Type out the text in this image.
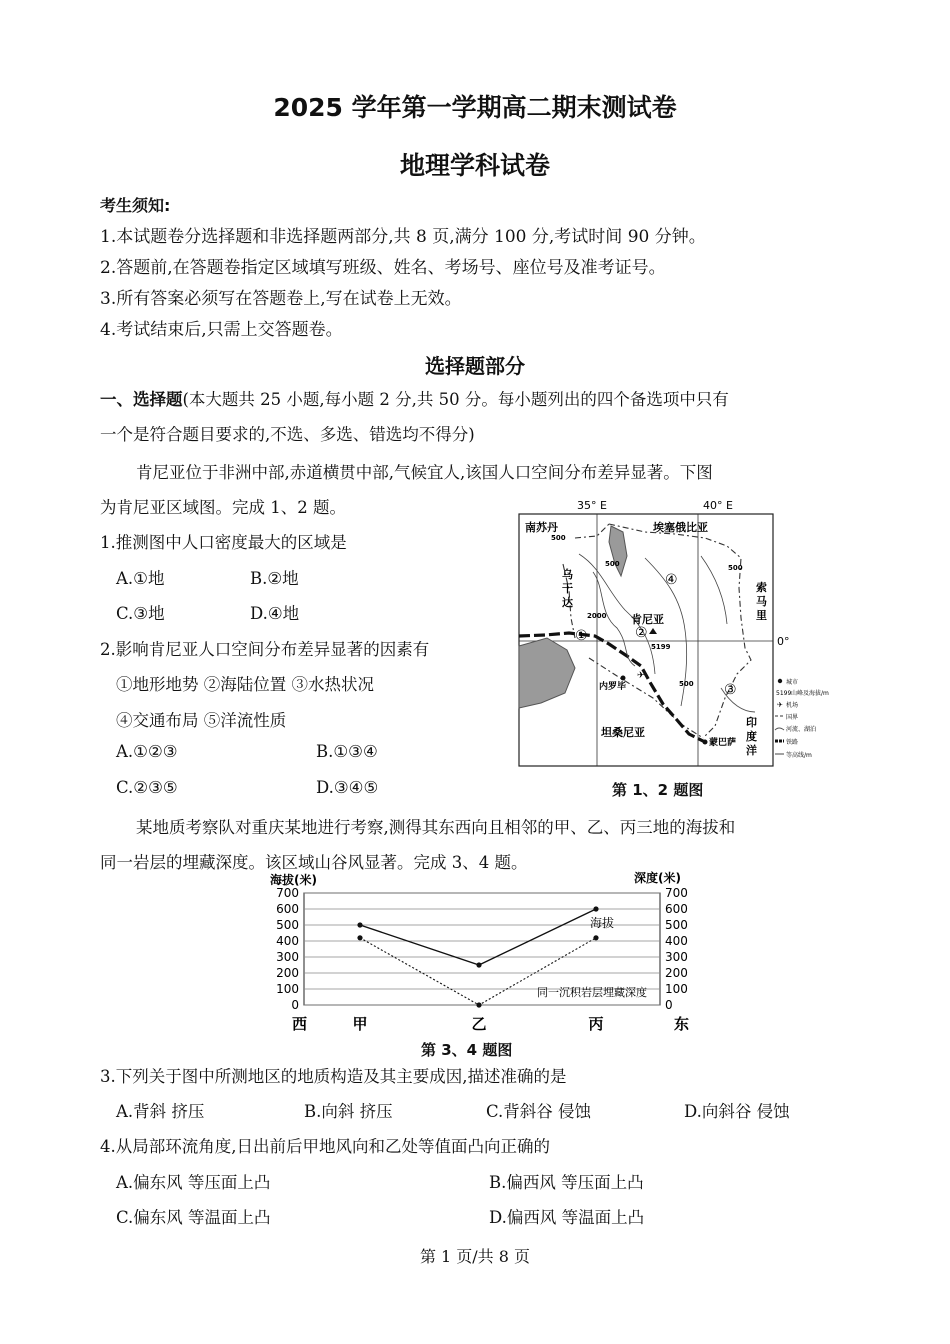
2025 学年第一学期高二期末测试卷
地理学科试卷
考生须知:
1.本试题卷分选择题和非选择题两部分,共 8 页,满分 100 分,考试时间 90 分钟。
2.答题前,在答题卷指定区域填写班级、姓名、考场号、座位号及准考证号。
3.所有答案必须写在答题卷上,写在试卷上无效。
4.考试结束后,只需上交答题卷。
选择题部分
一、选择题(本大题共 25 小题,每小题 2 分,共 50 分。每小题列出的四个备选项中只有
一个是符合题目要求的,不选、多选、错选均不得分)
肯尼亚位于非洲中部,赤道横贯中部,气候宜人,该国人口空间分布差异显著。下图
为肯尼亚区域图。完成 1、2 题。
1.推测图中人口密度最大的区域是
A.①地	B.②地
C.③地	D.④地
2.影响肯尼亚人口空间分布差异显著的因素有
①地形地势 ②海陆位置 ③水热状况
④交通布局 ⑤洋流性质
A.①②③	B.①③④
C.②③⑤	D.③④⑤
35° E	40° E
0°
南苏丹	埃塞俄比亚
乌
干
达
肯尼亚
索
马
里
坦桑尼亚
内罗毕
蒙巴萨
印
度
洋
①	②
③
④
500
500	500
500
2000
5199
✈
城市
5199 山峰及海拔/m
✈ 机场
国界
河流、湖泊
铁路
等高线/m
第 1、2 题图
某地质考察队对重庆某地进行考察,测得其东西向且相邻的甲、乙、丙三地的海拔和
同一岩层的埋藏深度。该区域山谷风显著。完成 3、4 题。
海拔(米)	深度(米)
0	0
100	100
200	200
300	300
400	400
500	500
600	600
700	700
甲	乙	丙
海拔
同一沉积岩层埋藏深度
西	东
第 3、4 题图
3.下列关于图中所测地区的地质构造及其主要成因,描述准确的是
A.背斜 挤压	B.向斜 挤压	C.背斜谷 侵蚀	D.向斜谷 侵蚀
4.从局部环流角度,日出前后甲地风向和乙处等值面凸向正确的
A.偏东风 等压面上凸	B.偏西风 等压面上凸
C.偏东风 等温面上凸	D.偏西风 等温面上凸
第 1 页/共 8 页
